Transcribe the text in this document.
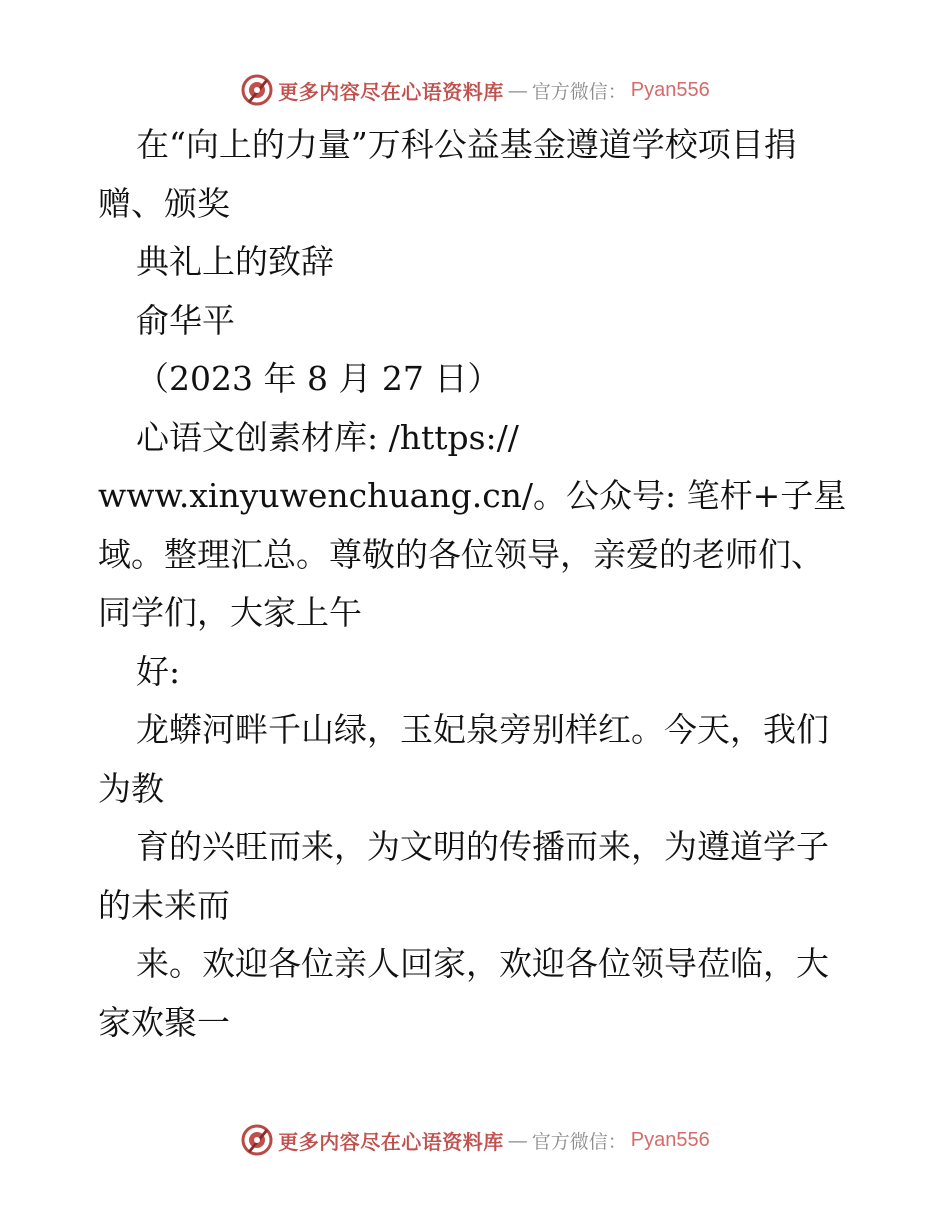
更多内容尽在心语资料库 — 官方微信： Pyan556
在“向上的力量”万科公益基金遵道学校项目捐
赠、颁奖
典礼上的致辞
俞华平
（2023 年 8 月 27 日）
心语文创素材库: /https://
www.xinyuwenchuang.cn/。公众号: 笔杆+子星
域。整理汇总。尊敬的各位领导，亲爱的老师们、
同学们，大家上午
好:
龙蟒河畔千山绿，玉妃泉旁别样红。今天，我们
为教
育的兴旺而来，为文明的传播而来，为遵道学子
的未来而
来。欢迎各位亲人回家，欢迎各位领导莅临，大
家欢聚一
更多内容尽在心语资料库 — 官方微信： Pyan556
